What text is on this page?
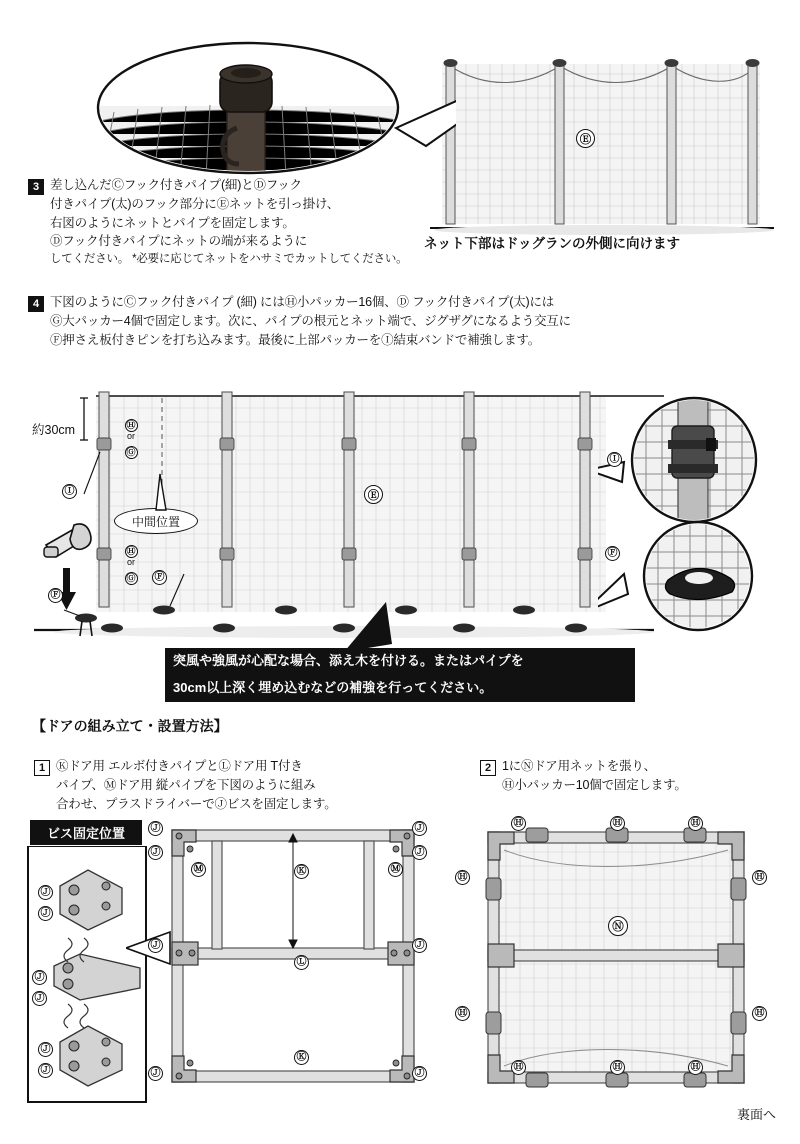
Ⓔ
3 差し込んだⒸフック付きパイプ(細)とⒹフック
付きパイプ(太)のフック部分にⒺネットを引っ掛け、
右図のようにネットとパイプを固定します。
Ⓓフック付きパイプにネットの端が来るように
してください。 *必要に応じてネットをハサミでカットしてください。
ネット下部はドッグランの外側に向けます
4 下図のようにⒸフック付きパイプ (細) にはⒽ小パッカー16個、Ⓓ フック付きパイプ(太)には
Ⓖ大パッカー4個で固定します。次に、パイプの根元とネット端で、ジグザグになるよう交互に
Ⓕ押さえ板付きピンを打ち込みます。最後に上部パッカーをⒾ結束バンドで補強します。
約30cm
Ⓔ
Ⓘ
Ⓕ
Ⓕ
Ⓗ
or
Ⓖ
Ⓗ
or
Ⓖ
中間位置
Ⓘ
Ⓕ
突風や強風が心配な場合、添え木を付ける。またはパイプを
30cm以上深く埋め込むなどの補強を行ってください。
【ドアの組み立て・設置方法】
1 Ⓚドア用 エルボ付きパイプとⓁドア用 T付き
パイプ、Ⓜドア用 縦パイプを下図のように組み
合わせ、プラスドライバーでⒿビスを固定します。
2 1にⓃドア用ネットを張り、
Ⓗ小パッカー10個で固定します。
ビス固定位置
Ⓙ
Ⓙ
Ⓙ
Ⓙ
Ⓙ
Ⓙ
Ⓚ
Ⓚ
Ⓛ
Ⓜ	Ⓜ
Ⓙ
Ⓙ
Ⓙ
Ⓙ
Ⓙ	Ⓙ
Ⓙ	Ⓙ
Ⓝ
Ⓗ	Ⓗ	Ⓗ
Ⓗ
Ⓗ
Ⓗ
Ⓗ
Ⓗ	Ⓗ	Ⓗ
裏面へ
